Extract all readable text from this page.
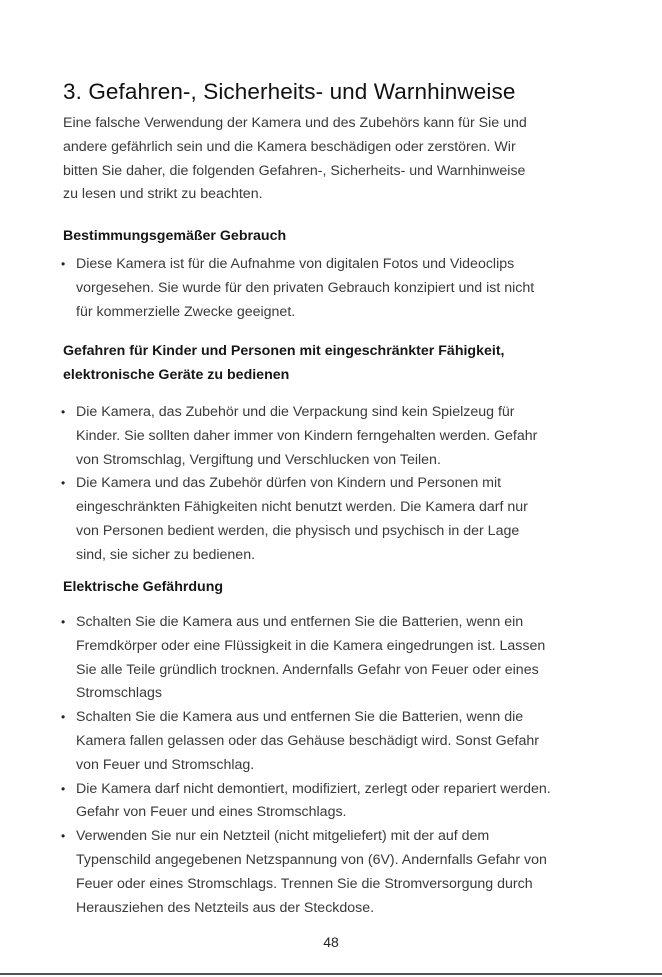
3. Gefahren-, Sicherheits- und Warnhinweise

Eine falsche Verwendung der Kamera und des Zubehörs kann für Sie und
andere gefährlich sein und die Kamera beschädigen oder zerstören. Wir
bitten Sie daher, die folgenden Gefahren-, Sicherheits- und Warnhinweise
zu lesen und strikt zu beachten.

Bestimmungsgemäßer Gebrauch
• Diese Kamera ist für die Aufnahme von digitalen Fotos und Videoclips
vorgesehen. Sie wurde für den privaten Gebrauch konzipiert und ist nicht
für kommerzielle Zwecke geeignet.
Gefahren für Kinder und Personen mit eingeschränkter Fähigkeit,
elektronische Geräte zu bedienen
• Die Kamera, das Zubehör und die Verpackung sind kein Spielzeug für
Kinder. Sie sollten daher immer von Kindern ferngehalten werden. Gefahr
von Stromschlag, Vergiftung und Verschlucken von Teilen.
• Die Kamera und das Zubehör dürfen von Kindern und Personen mit
eingeschränkten Fähigkeiten nicht benutzt werden. Die Kamera darf nur
von Personen bedient werden, die physisch und psychisch in der Lage
sind, sie sicher zu bedienen.
Elektrische Gefährdung
• Schalten Sie die Kamera aus und entfernen Sie die Batterien, wenn ein
Fremdkörper oder eine Flüssigkeit in die Kamera eingedrungen ist. Lassen
Sie alle Teile gründlich trocknen. Andernfalls Gefahr von Feuer oder eines
Stromschlags
• Schalten Sie die Kamera aus und entfernen Sie die Batterien, wenn die
Kamera fallen gelassen oder das Gehäuse beschädigt wird. Sonst Gefahr
von Feuer und Stromschlag.
• Die Kamera darf nicht demontiert, modifiziert, zerlegt oder repariert werden.
Gefahr von Feuer und eines Stromschlags.
• Verwenden Sie nur ein Netzteil (nicht mitgeliefert) mit der auf dem
Typenschild angegebenen Netzspannung von (6V). Andernfalls Gefahr von
Feuer oder eines Stromschlags. Trennen Sie die Stromversorgung durch
Herausziehen des Netzteils aus der Steckdose.
48
